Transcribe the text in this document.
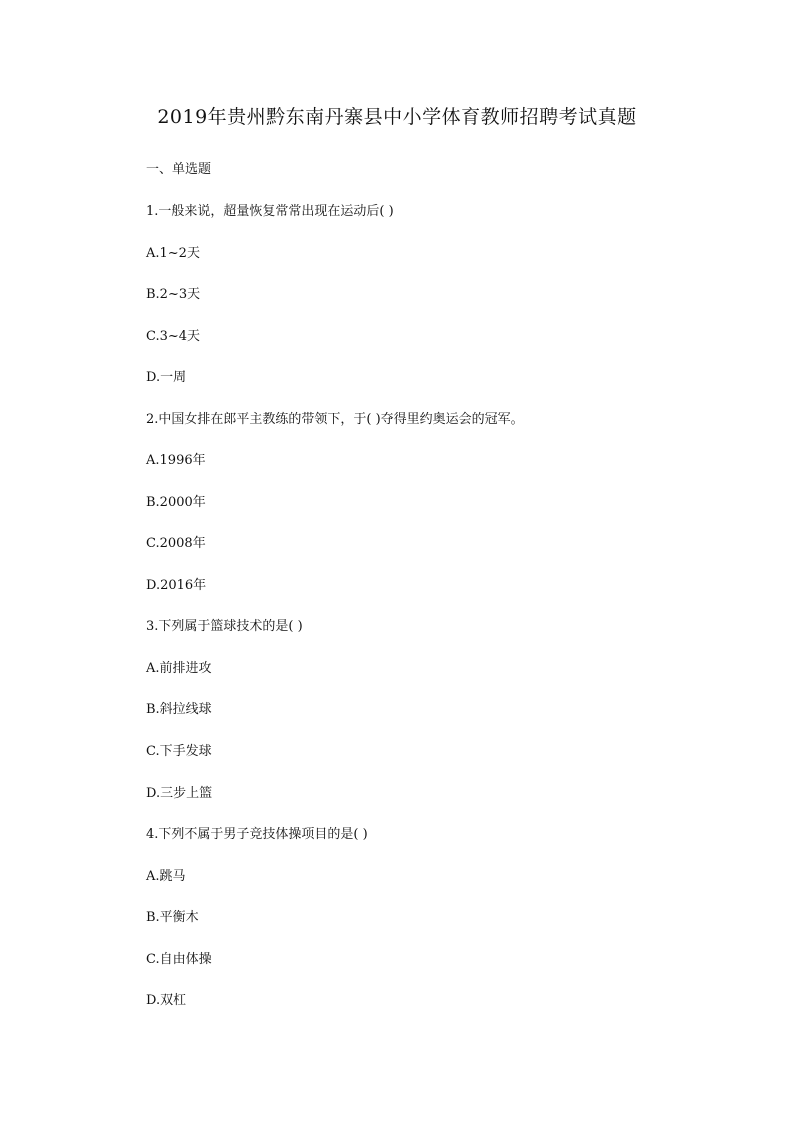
2019年贵州黔东南丹寨县中小学体育教师招聘考试真题
一、单选题
1.一般来说，超量恢复常常出现在运动后( )
A.1~2天
B.2~3天
C.3~4天
D.一周
2.中国女排在郎平主教练的带领下，于( )夺得里约奥运会的冠军。
A.1996年
B.2000年
C.2008年
D.2016年
3.下列属于篮球技术的是( )
A.前排进攻
B.斜拉线球
C.下手发球
D.三步上篮
4.下列不属于男子竞技体操项目的是( )
A.跳马
B.平衡木
C.自由体操
D.双杠
